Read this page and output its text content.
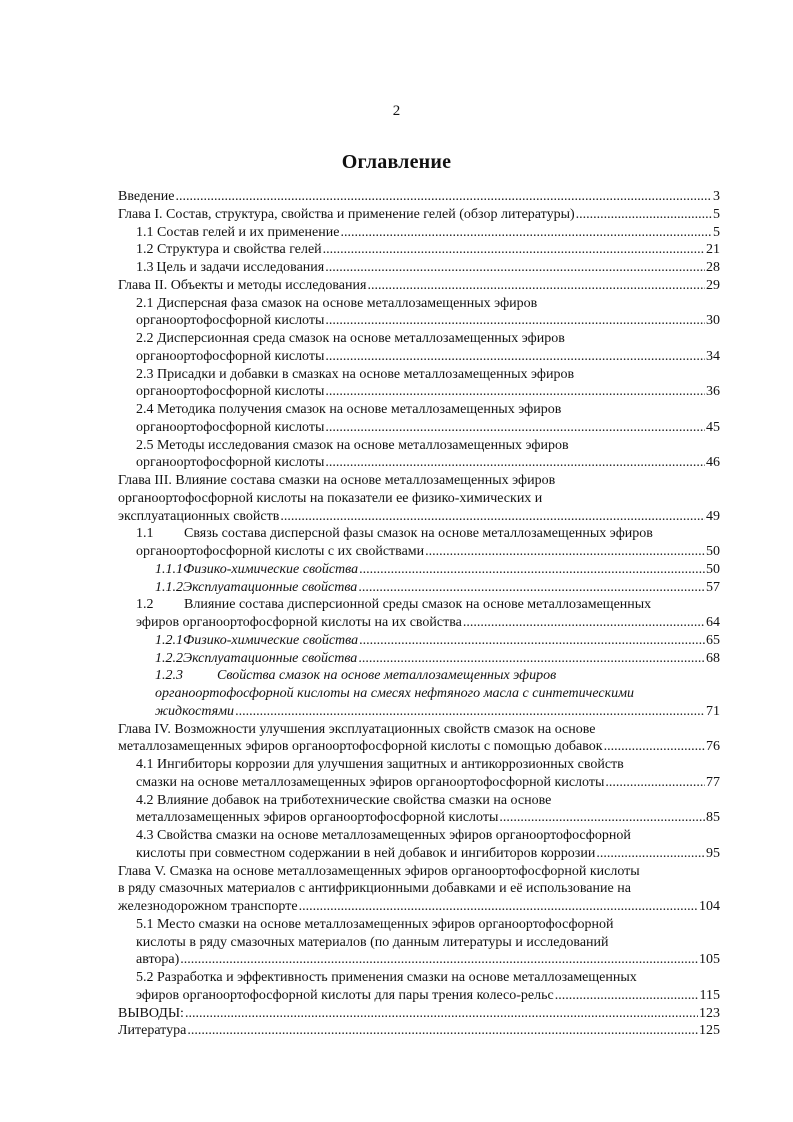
2
Оглавление
Введение .....	3
Глава I. Состав, структура, свойства и применение гелей (обзор литературы) .....	5
1.1 Состав гелей и их применение .....	5
1.2 Структура и свойства гелей .....	21
1.3 Цель и задачи исследования .....	28
Глава II. Объекты и методы исследования .....	29
2.1 Дисперсная фаза смазок на основе металлозамещенных эфиров
органоортофосфорной кислоты .....	30
2.2 Дисперсионная среда смазок на основе металлозамещенных эфиров
органоортофосфорной кислоты .....	34
2.3 Присадки и добавки в смазках на основе металлозамещенных эфиров
органоортофосфорной кислоты .....	36
2.4 Методика получения смазок на основе металлозамещенных эфиров
органоортофосфорной кислоты .....	45
2.5 Методы исследования смазок на основе металлозамещенных эфиров
органоортофосфорной кислоты .....	46
Глава III. Влияние состава смазки на основе металлозамещенных эфиров
органоортофосфорной кислоты на показатели ее физико-химических и
эксплуатационных свойств .....	49
1.1	Связь состава дисперсной фазы смазок на основе металлозамещенных эфиров
органоортофосфорной кислоты с их свойствами .....	50
1.1.1 Физико-химические свойства .....	50
1.1.2 Эксплуатационные свойства .....	57
1.2	Влияние состава дисперсионной среды смазок на основе металлозамещенных
эфиров органоортофосфорной кислоты на их свойства .....	64
1.2.1 Физико-химические свойства .....	65
1.2.2 Эксплуатационные свойства .....	68
1.2.3	Свойства смазок на основе металлозамещенных эфиров
органоортофосфорной кислоты на смесях нефтяного масла с синтетическими
жидкостями .....	71
Глава IV. Возможности улучшения эксплуатационных свойств смазок на основе
металлозамещенных эфиров органоортофосфорной кислоты с помощью добавок .....	76
4.1 Ингибиторы коррозии для улучшения защитных и антикоррозионных свойств
смазки на основе металлозамещенных эфиров органоортофосфорной кислоты .....	77
4.2 Влияние добавок на триботехнические свойства смазки на основе
металлозамещенных эфиров органоортофосфорной кислоты .....	85
4.3 Свойства смазки на основе металлозамещенных эфиров органоортофосфорной
кислоты при совместном содержании в ней добавок и ингибиторов коррозии .....	95
Глава V. Смазка на основе металлозамещенных эфиров органоортофосфорной кислоты
в ряду смазочных материалов с антифрикционными добавками и её использование на
железнодорожном транспорте .....	104
5.1 Место смазки на основе металлозамещенных эфиров органоортофосфорной
кислоты в ряду смазочных материалов (по данным литературы и исследований
автора) .....	105
5.2 Разработка и эффективность применения смазки на основе металлозамещенных
эфиров органоортофосфорной кислоты для пары трения колесо-рельс .....	115
ВЫВОДЫ: .....	123
Литература .....	125
